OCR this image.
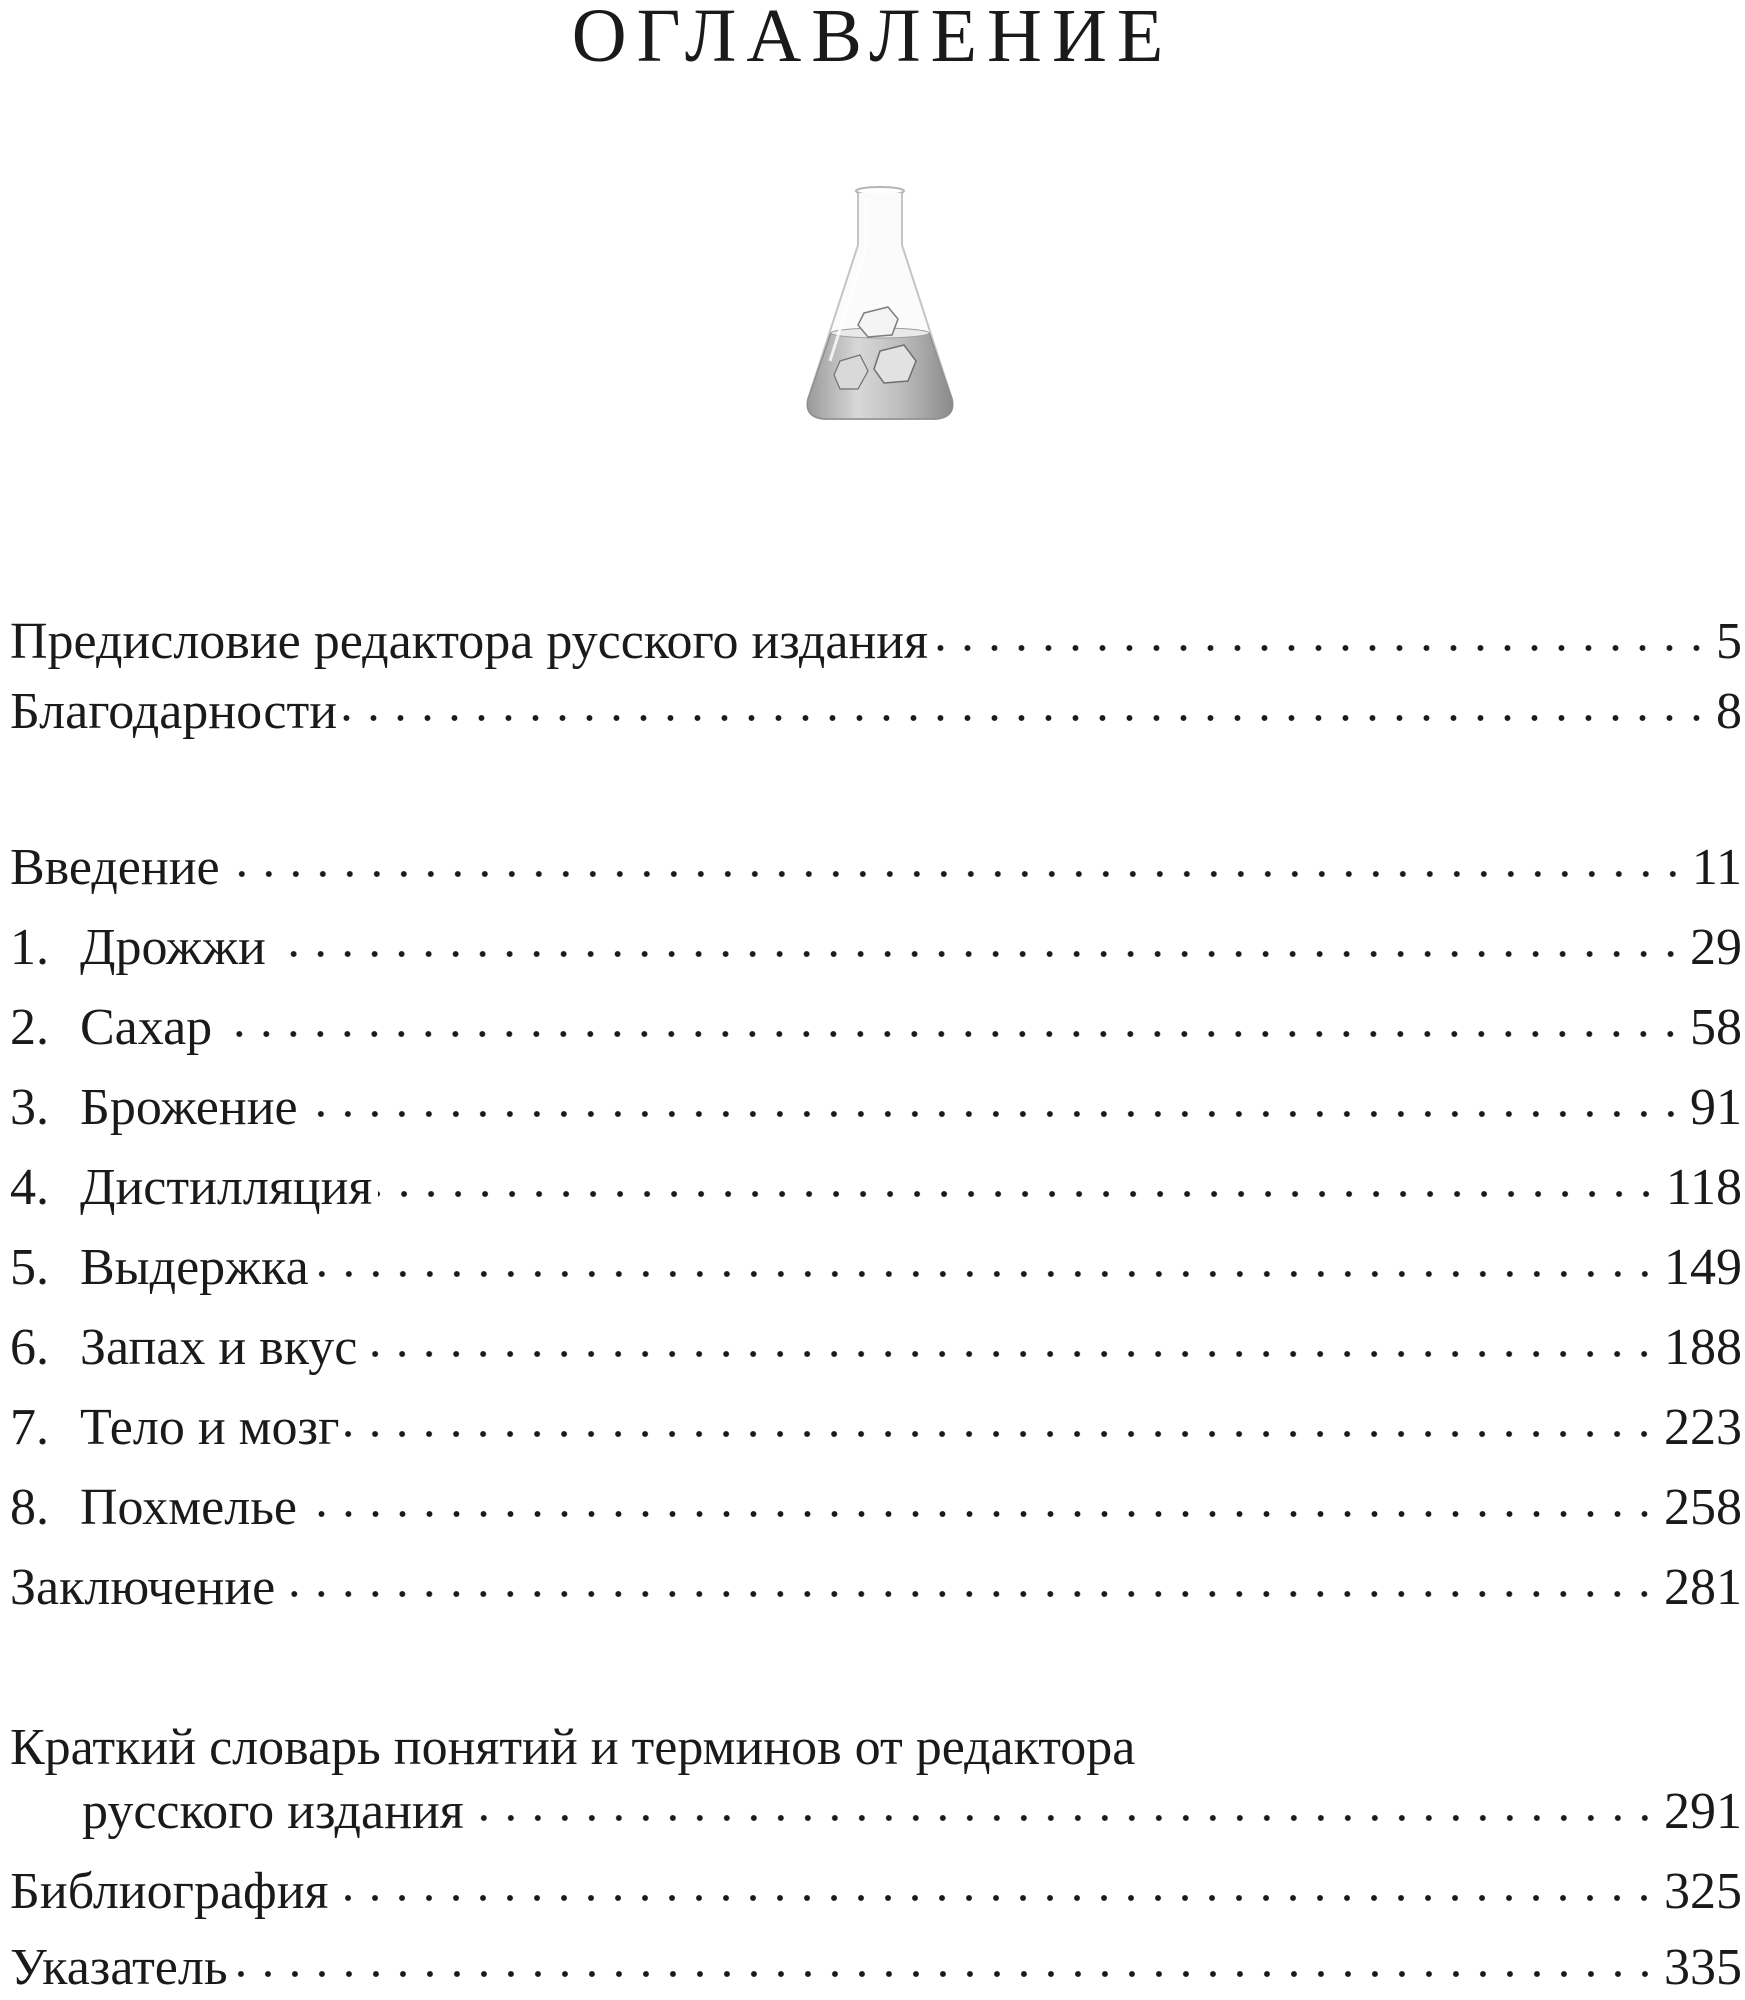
ОГЛАВЛЕНИЕ
Предисловие редактора русского издания	5
Благодарности	8
Введение	11
1. Дрожжи	29
2. Сахар	58
3. Брожение	91
4. Дистилляция	118
5. Выдержка	149
6. Запах и вкус	188
7. Тело и мозг	223
8. Похмелье	258
Заключение	281
Краткий словарь понятий и терминов от редактора
русского издания	291
Библиография	325
Указатель	335
